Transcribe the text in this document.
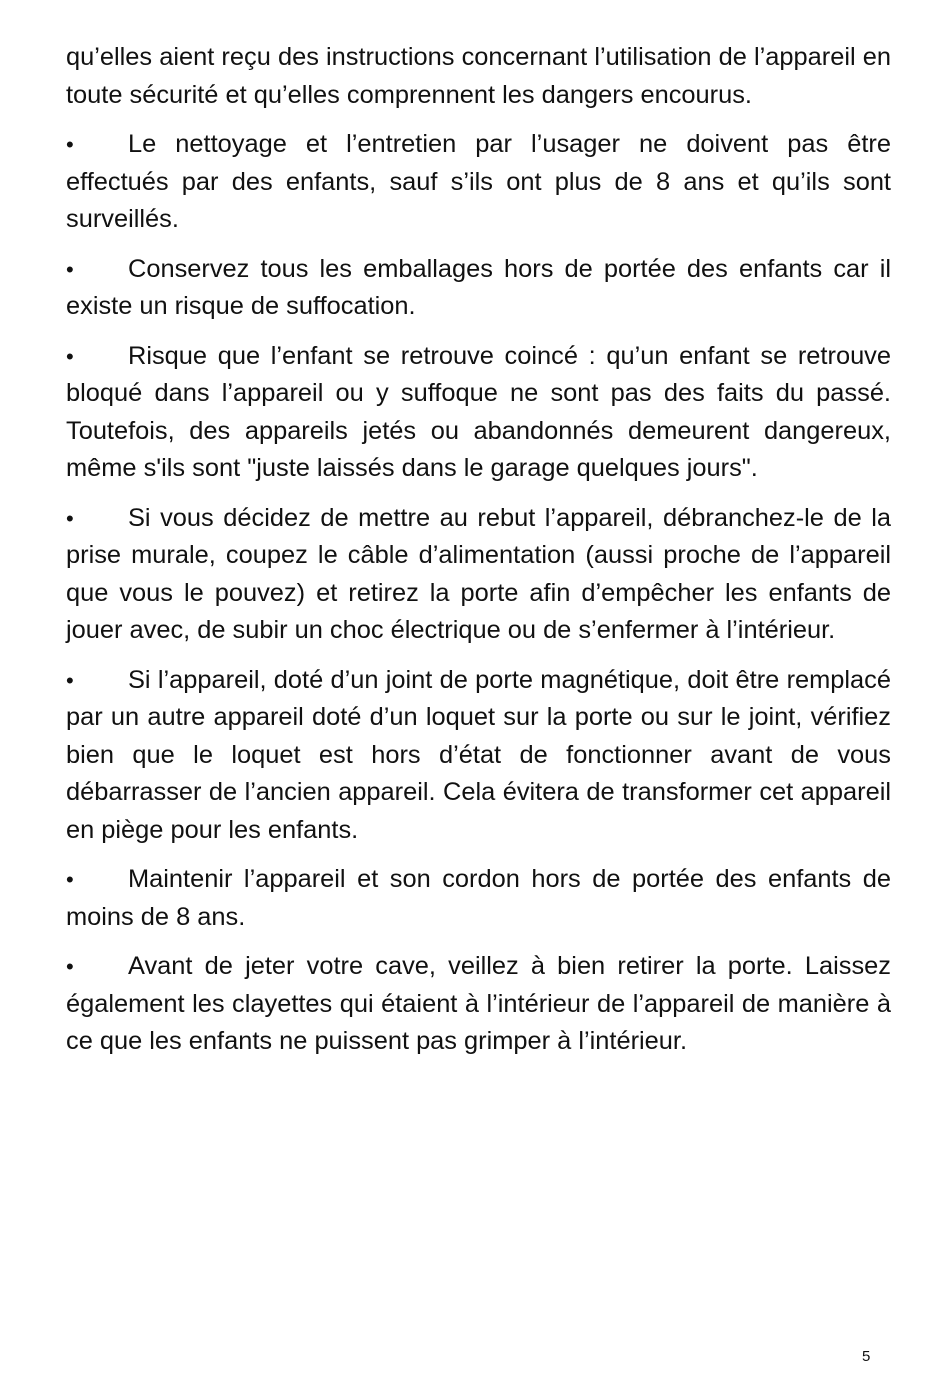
qu’elles aient reçu des instructions concernant l’utilisation de l’appareil en toute sécurité et qu’elles comprennent les dangers encourus.

• Le nettoyage et l’entretien par l’usager ne doivent pas être effectués par des enfants, sauf s’ils ont plus de 8 ans et qu’ils sont surveillés.

• Conservez tous les emballages hors de portée des enfants car il existe un risque de suffocation.

• Risque que l’enfant se retrouve coincé : qu’un enfant se retrouve bloqué dans l’appareil ou y suffoque ne sont pas des faits du passé. Toutefois, des appareils jetés ou abandonnés demeurent dangereux, même s'ils sont "juste laissés dans le garage quelques jours".

• Si vous décidez de mettre au rebut l’appareil, débranchez-le de la prise murale, coupez le câble d’alimentation (aussi proche de l’appareil que vous le pouvez) et retirez la porte afin d’empêcher les enfants de jouer avec, de subir un choc électrique ou de s’enfermer à l’intérieur.

• Si l’appareil, doté d’un joint de porte magnétique, doit être remplacé par un autre appareil doté d’un loquet sur la porte ou sur le joint, vérifiez bien que le loquet est hors d’état de fonctionner avant de vous débarrasser de l’ancien appareil. Cela évitera de transformer cet appareil en piège pour les enfants.

• Maintenir l’appareil et son cordon hors de portée des enfants de moins de 8 ans.

• Avant de jeter votre cave, veillez à bien retirer la porte. Laissez également les clayettes qui étaient à l’intérieur de l’appareil de manière à ce que les enfants ne puissent pas grimper à l’intérieur.

5
